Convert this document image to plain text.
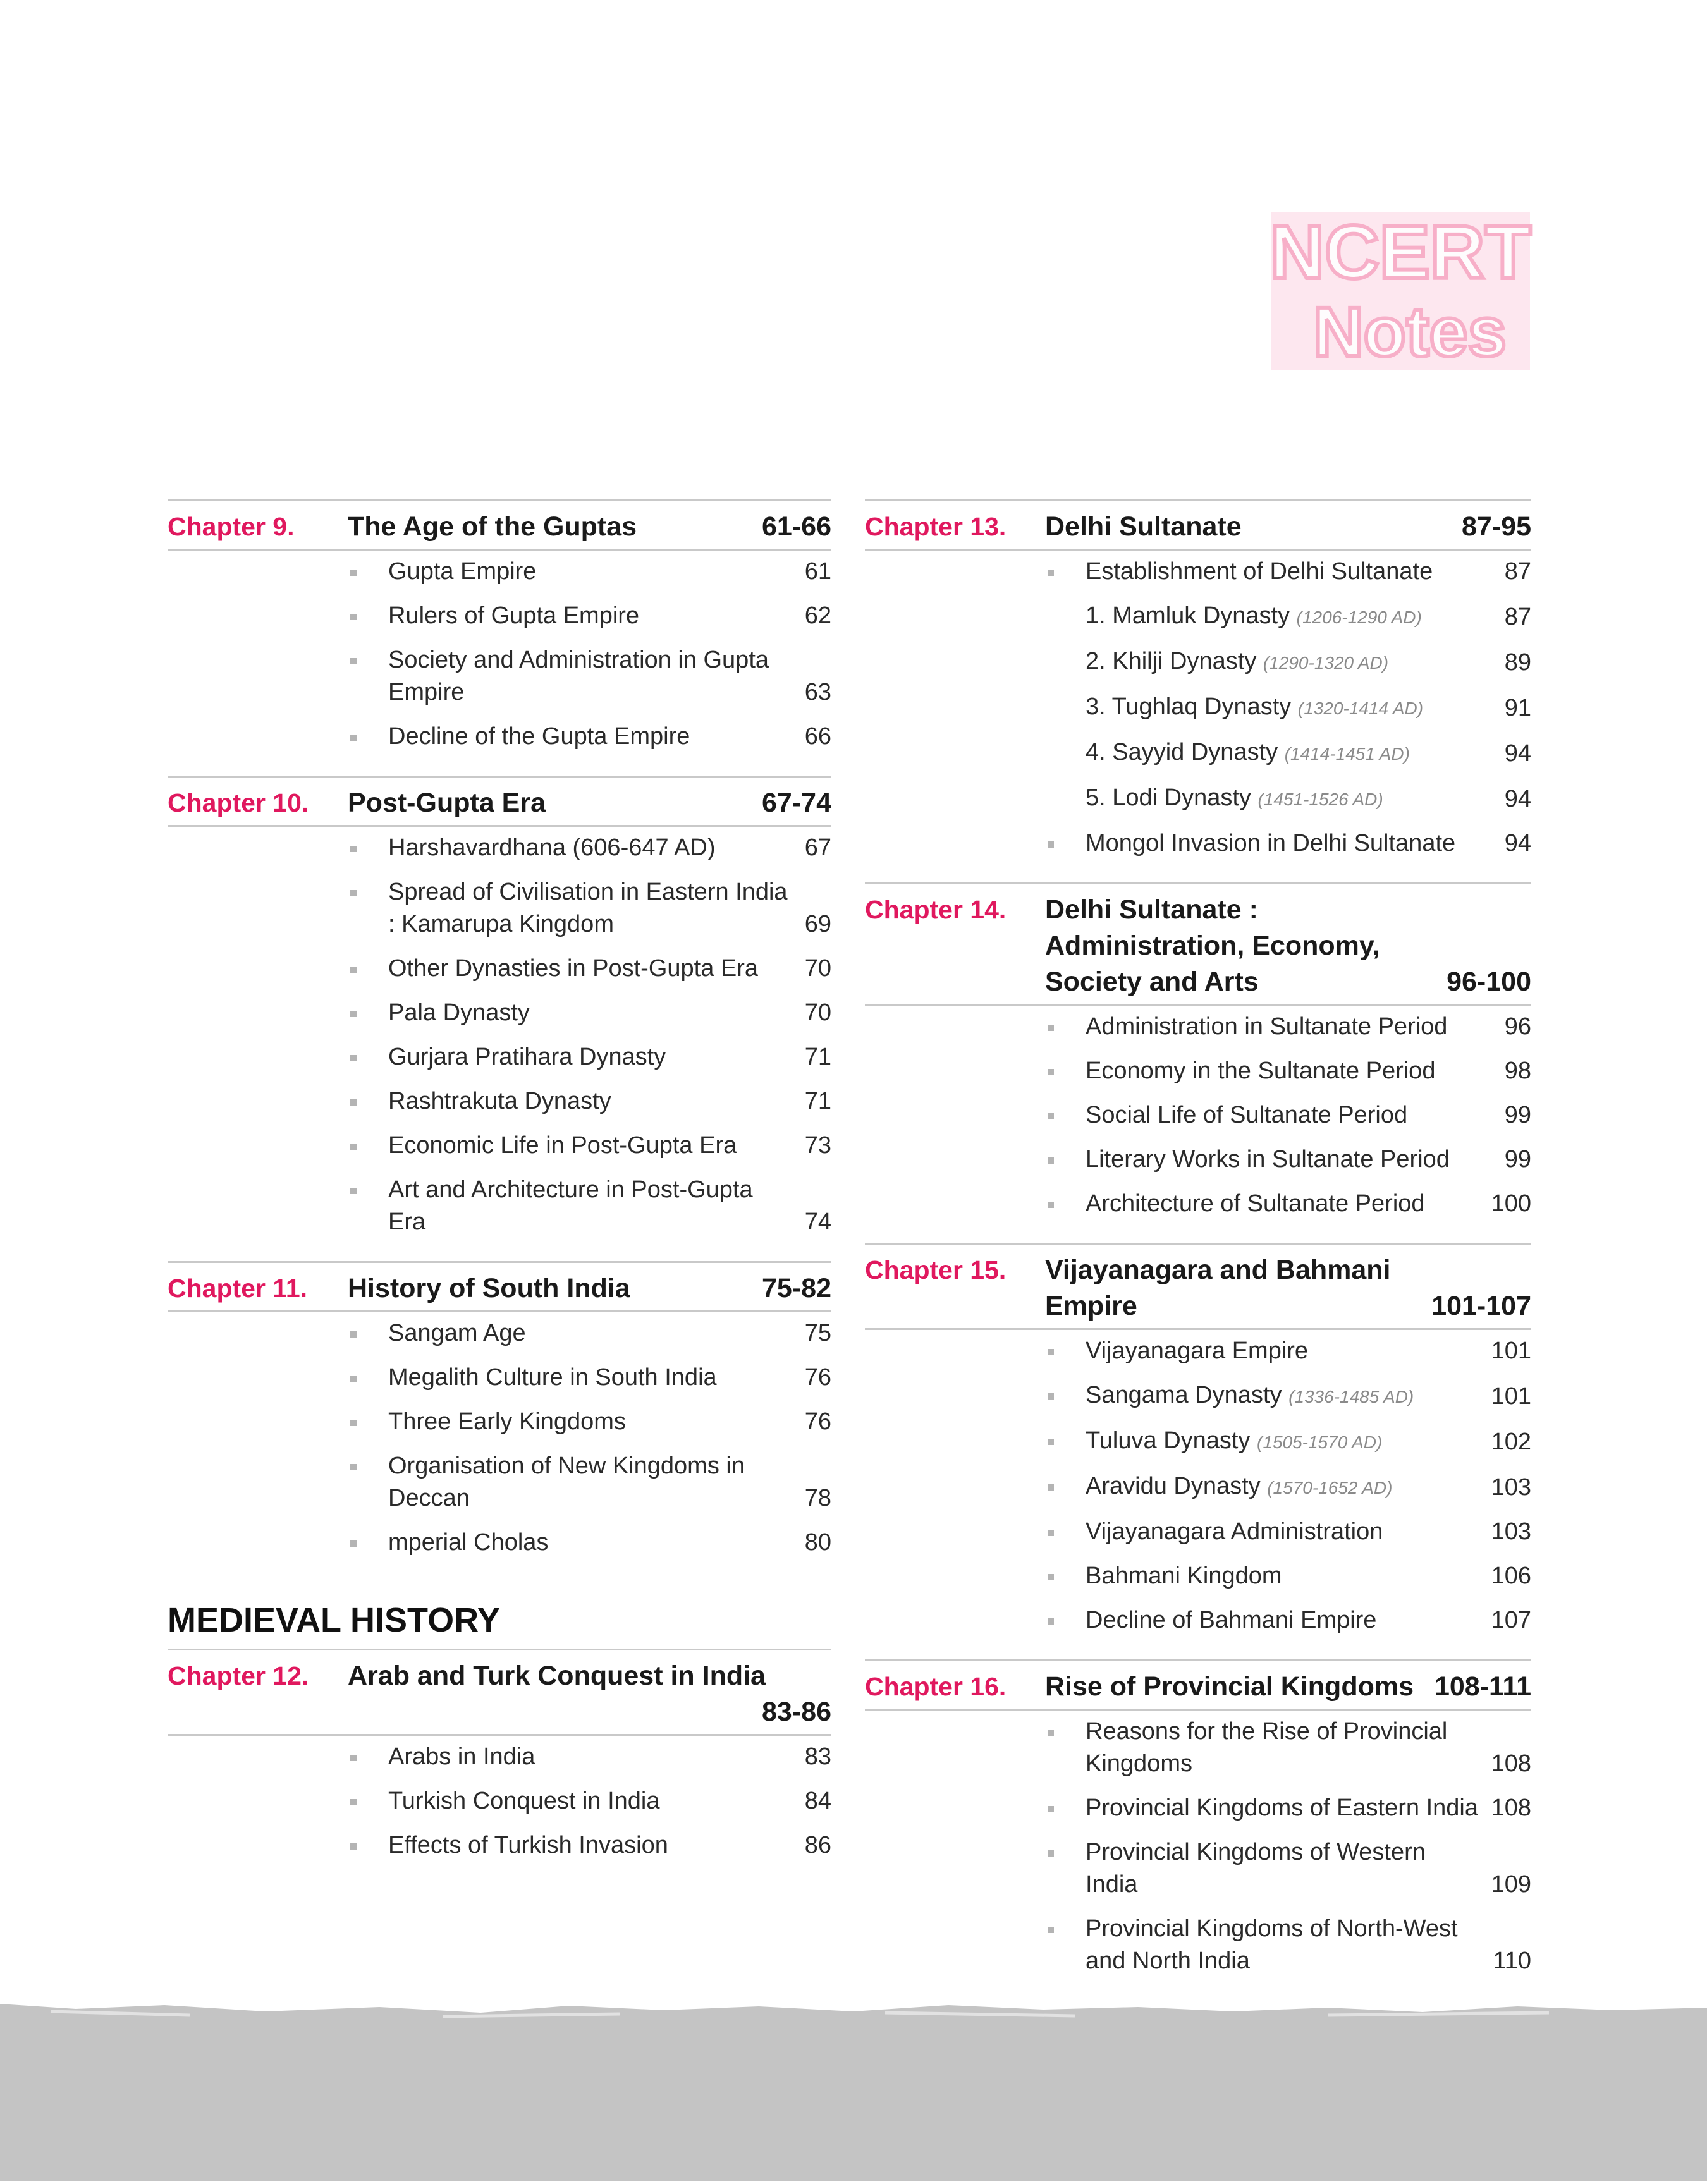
NCERT
Notes
Chapter 9.	The Age of the Guptas	61-66
Gupta Empire	61
Rulers of Gupta Empire	62
Society and Administration in Gupta Empire	63
Decline of the Gupta Empire	66
Chapter 10.	Post-Gupta Era	67-74
Harshavardhana (606-647 AD)	67
Spread of Civilisation in Eastern India : Kamarupa Kingdom	69
Other Dynasties in Post-Gupta Era	70
Pala Dynasty	70
Gurjara Pratihara Dynasty	71
Rashtrakuta Dynasty	71
Economic Life in Post-Gupta Era	73
Art and Architecture in Post-Gupta Era	74
Chapter 11.	History of South India	75-82
Sangam Age	75
Megalith Culture in South India	76
Three Early Kingdoms	76
Organisation of New Kingdoms in Deccan	78
mperial Cholas	80
MEDIEVAL HISTORY
Chapter 12.	Arab and Turk Conquest in India
83-86
Arabs in India	83
Turkish Conquest in India	84
Effects of Turkish Invasion	86
Chapter 13.	Delhi Sultanate	87-95
Establishment of Delhi Sultanate	87
1. Mamluk Dynasty (1206-1290 AD)	87
2. Khilji Dynasty (1290-1320 AD)	89
3. Tughlaq Dynasty (1320-1414 AD)	91
4. Sayyid Dynasty (1414-1451 AD)	94
5. Lodi Dynasty (1451-1526 AD)	94
Mongol Invasion in Delhi Sultanate	94
Chapter 14.	Delhi Sultanate : Administration, Economy, Society and Arts	96-100
Administration in Sultanate Period	96
Economy in the Sultanate Period	98
Social Life of Sultanate Period	99
Literary Works in Sultanate Period	99
Architecture of Sultanate Period	100
Chapter 15.	Vijayanagara and Bahmani Empire	101-107
Vijayanagara Empire	101
Sangama Dynasty (1336-1485 AD)	101
Tuluva Dynasty (1505-1570 AD)	102
Aravidu Dynasty (1570-1652 AD)	103
Vijayanagara Administration	103
Bahmani Kingdom	106
Decline of Bahmani Empire	107
Chapter 16.	Rise of Provincial Kingdoms 108-111
Reasons for the Rise of Provincial Kingdoms	108
Provincial Kingdoms of Eastern India 108
Provincial Kingdoms of Western India	109
Provincial Kingdoms of North-West and North India	110
